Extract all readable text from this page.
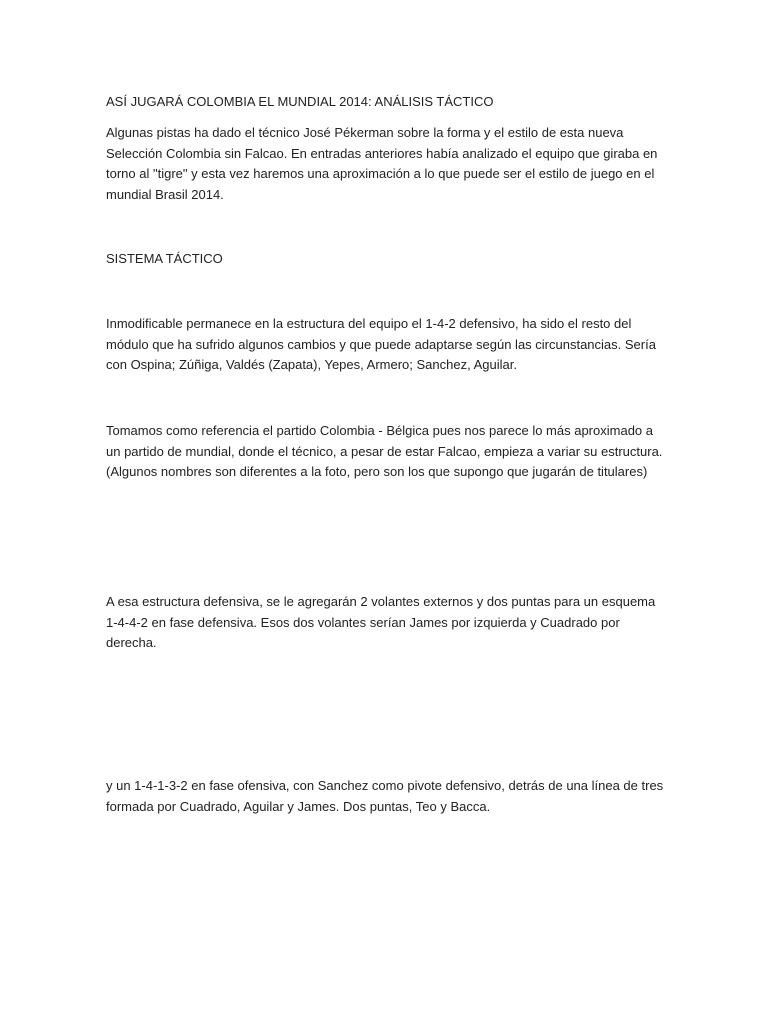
ASÍ JUGARÁ COLOMBIA EL MUNDIAL 2014: ANÁLISIS TÁCTICO

Algunas pistas ha dado el técnico José Pékerman sobre la forma y el estilo de esta nueva Selección Colombia sin Falcao. En entradas anteriores había analizado el equipo que giraba en torno al "tigre" y esta vez haremos una aproximación a lo que puede ser el estilo de juego en el mundial Brasil 2014.

SISTEMA TÁCTICO

Inmodificable permanece en la estructura del equipo el 1-4-2 defensivo, ha sido el resto del módulo que ha sufrido algunos cambios y que puede adaptarse según las circunstancias. Sería con Ospina; Zúñiga, Valdés (Zapata), Yepes, Armero; Sanchez, Aguilar.

Tomamos como referencia el partido Colombia - Bélgica pues nos parece lo más aproximado a un partido de mundial, donde el técnico, a pesar de estar Falcao, empieza a variar su estructura. (Algunos nombres son diferentes a la foto, pero son los que supongo que jugarán de titulares)

A esa estructura defensiva, se le agregarán 2 volantes externos y dos puntas para un esquema 1-4-4-2 en fase defensiva. Esos dos volantes serían James por izquierda y Cuadrado por derecha.

y un 1-4-1-3-2 en fase ofensiva, con Sanchez como pivote defensivo, detrás de una línea de tres formada por Cuadrado, Aguilar y James. Dos puntas, Teo y Bacca.
